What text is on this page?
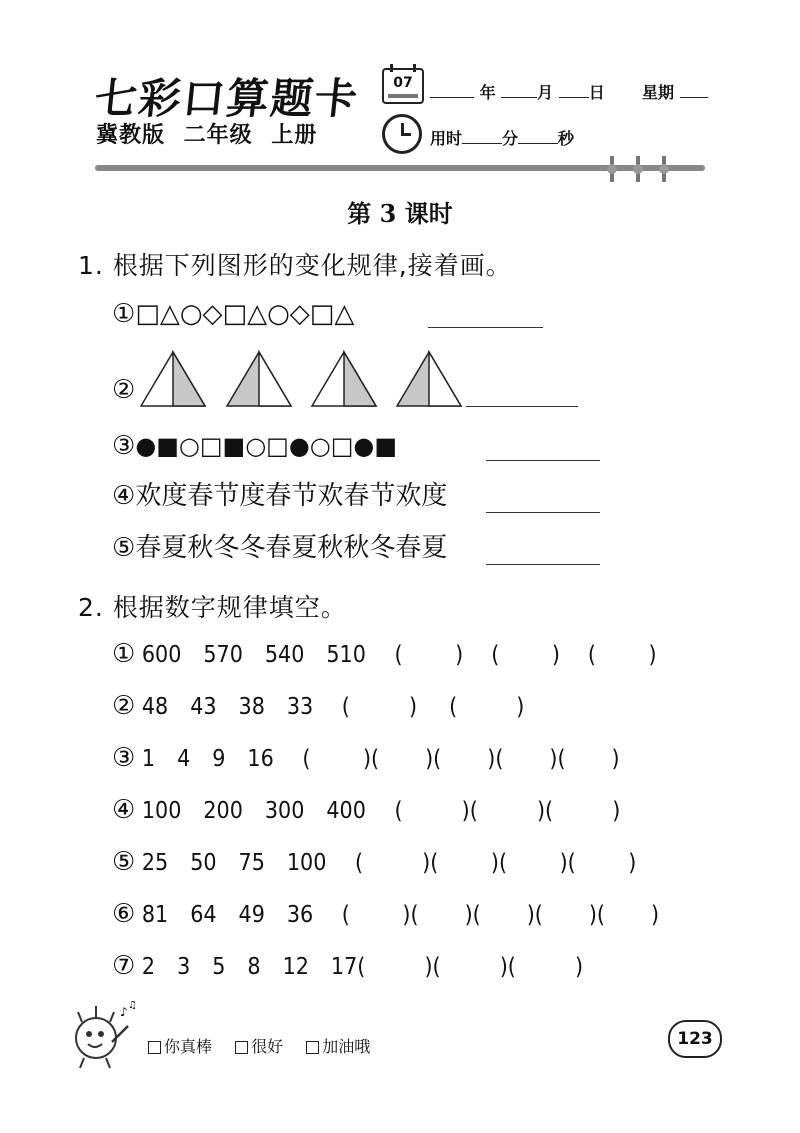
七彩口算题卡
冀教版 二年级 上册
07	年	月 日 星期
用时	分	秒
第 3 课时
1. 根据下列图形的变化规律,接着画。
①□△○◇□△○◇□△
②
③●■○□■○□●○□●■
④欢度春节度春节欢春节欢度
⑤春夏秋冬冬春夏秋秋冬春夏
2. 根据数字规律填空。
① 600 570 540 510 (        ) (        ) (        )
② 48 43 38 33 (         ) (         )
③ 1 4 9 16 (        )(       )(       )(       )(       )
④ 100 200 300 400 (         )(         )(         )
⑤ 25 50 75 100 (         )(        )(        )(        )
⑥ 81 64 49 36 (        )(       )(       )(       )(       )
⑦ 2 3 5 8 12 17(         )(         )(         )
♪ ♫
你真棒 很好 加油哦	123
